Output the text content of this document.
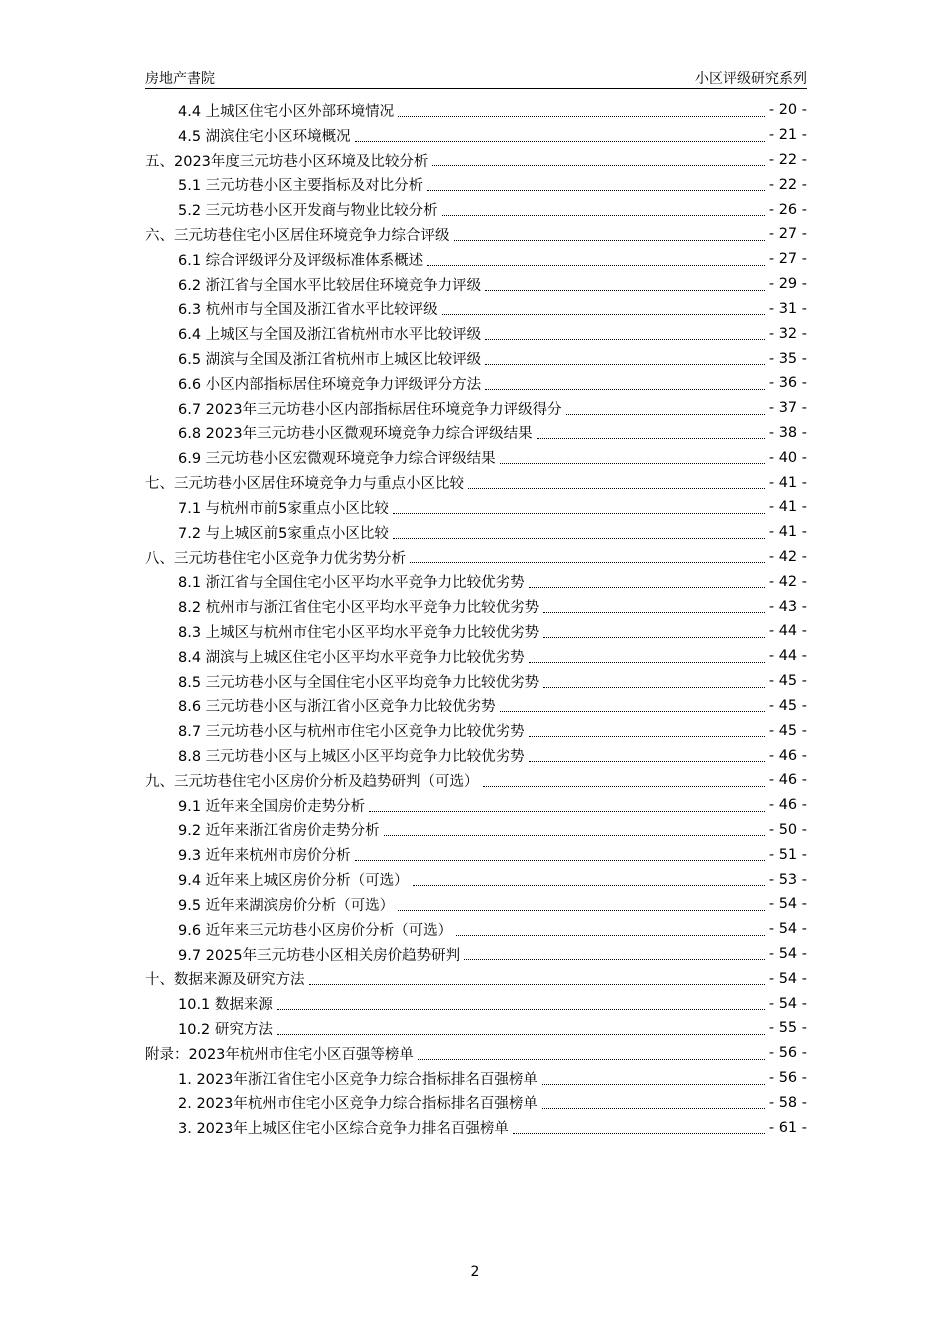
房地产書院	小区评级研究系列
4.4 上城区住宅小区外部环境情况	- 20 -
4.5 湖滨住宅小区环境概况	- 21 -
五、2023年度三元坊巷小区环境及比较分析	- 22 -
5.1 三元坊巷小区主要指标及对比分析	- 22 -
5.2 三元坊巷小区开发商与物业比较分析	- 26 -
六、三元坊巷住宅小区居住环境竞争力综合评级	- 27 -
6.1 综合评级评分及评级标准体系概述	- 27 -
6.2 浙江省与全国水平比较居住环境竞争力评级	- 29 -
6.3 杭州市与全国及浙江省水平比较评级	- 31 -
6.4 上城区与全国及浙江省杭州市水平比较评级	- 32 -
6.5 湖滨与全国及浙江省杭州市上城区比较评级	- 35 -
6.6 小区内部指标居住环境竞争力评级评分方法	- 36 -
6.7 2023年三元坊巷小区内部指标居住环境竞争力评级得分	- 37 -
6.8 2023年三元坊巷小区微观环境竞争力综合评级结果	- 38 -
6.9 三元坊巷小区宏微观环境竞争力综合评级结果	- 40 -
七、三元坊巷小区居住环境竞争力与重点小区比较	- 41 -
7.1 与杭州市前5家重点小区比较	- 41 -
7.2 与上城区前5家重点小区比较	- 41 -
八、三元坊巷住宅小区竞争力优劣势分析	- 42 -
8.1 浙江省与全国住宅小区平均水平竞争力比较优劣势	- 42 -
8.2 杭州市与浙江省住宅小区平均水平竞争力比较优劣势	- 43 -
8.3 上城区与杭州市住宅小区平均水平竞争力比较优劣势	- 44 -
8.4 湖滨与上城区住宅小区平均水平竞争力比较优劣势	- 44 -
8.5 三元坊巷小区与全国住宅小区平均竞争力比较优劣势	- 45 -
8.6 三元坊巷小区与浙江省小区竞争力比较优劣势	- 45 -
8.7 三元坊巷小区与杭州市住宅小区竞争力比较优劣势	- 45 -
8.8 三元坊巷小区与上城区小区平均竞争力比较优劣势	- 46 -
九、三元坊巷住宅小区房价分析及趋势研判（可选）	- 46 -
9.1 近年来全国房价走势分析	- 46 -
9.2 近年来浙江省房价走势分析	- 50 -
9.3 近年来杭州市房价分析	- 51 -
9.4 近年来上城区房价分析（可选）	- 53 -
9.5 近年来湖滨房价分析（可选）	- 54 -
9.6 近年来三元坊巷小区房价分析（可选）	- 54 -
9.7 2025年三元坊巷小区相关房价趋势研判	- 54 -
十、数据来源及研究方法	- 54 -
10.1 数据来源	- 54 -
10.2 研究方法	- 55 -
附录：2023年杭州市住宅小区百强等榜单	- 56 -
1. 2023年浙江省住宅小区竞争力综合指标排名百强榜单	- 56 -
2. 2023年杭州市住宅小区竞争力综合指标排名百强榜单	- 58 -
3. 2023年上城区住宅小区综合竞争力排名百强榜单	- 61 -
2
